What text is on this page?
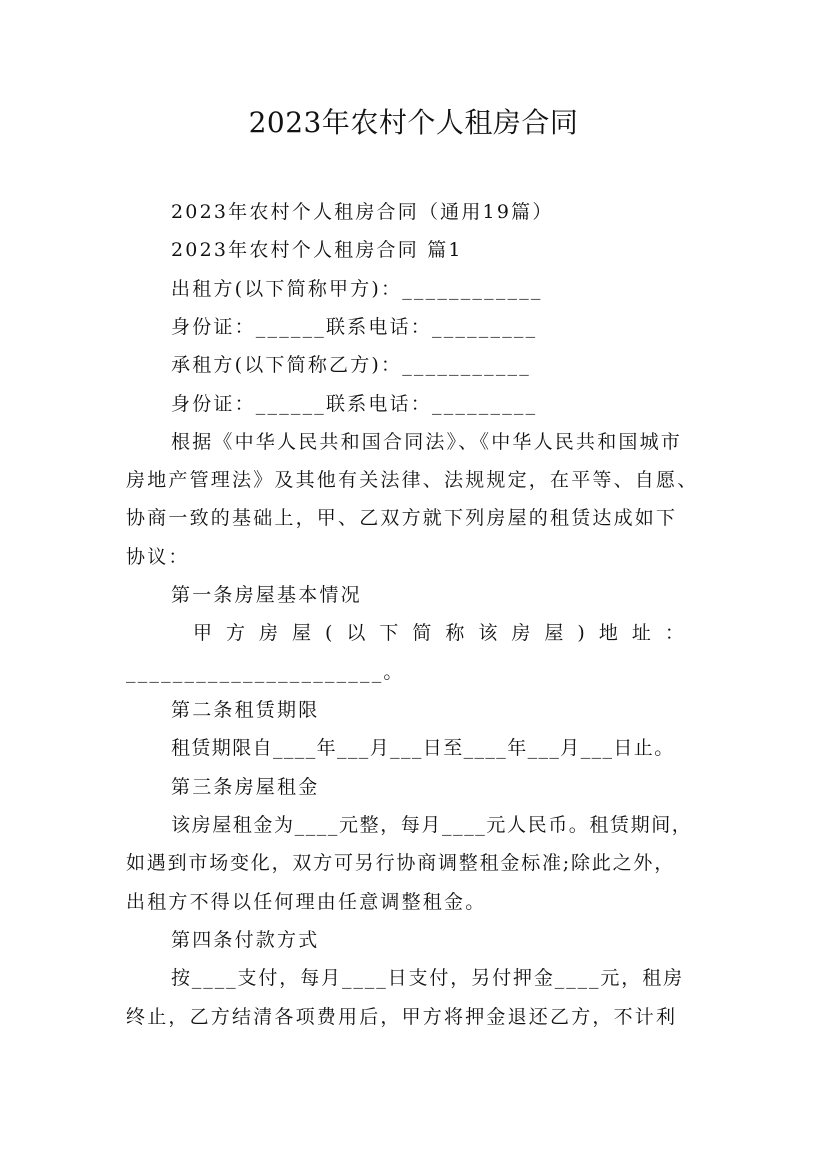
2023年农村个人租房合同
2023年农村个人租房合同（通用19篇）
2023年农村个人租房合同 篇1
出租方(以下简称甲方)：____________
身份证：______联系电话：_________
承租方(以下简称乙方)：___________
身份证：______联系电话：_________
根据《中华人民共和国合同法》、《中华人民共和国城市
房地产管理法》及其他有关法律、法规规定，在平等、自愿、
协商一致的基础上，甲、乙双方就下列房屋的租赁达成如下
协议：
第一条房屋基本情况
甲方房屋(以下简称该房屋)地址：
______________________。
第二条租赁期限
租赁期限自____年___月___日至____年___月___日止。
第三条房屋租金
该房屋租金为____元整，每月____元人民币。租赁期间，
如遇到市场变化，双方可另行协商调整租金标准;除此之外，
出租方不得以任何理由任意调整租金。
第四条付款方式
按____支付，每月____日支付，另付押金____元，租房
终止，乙方结清各项费用后，甲方将押金退还乙方，不计利
